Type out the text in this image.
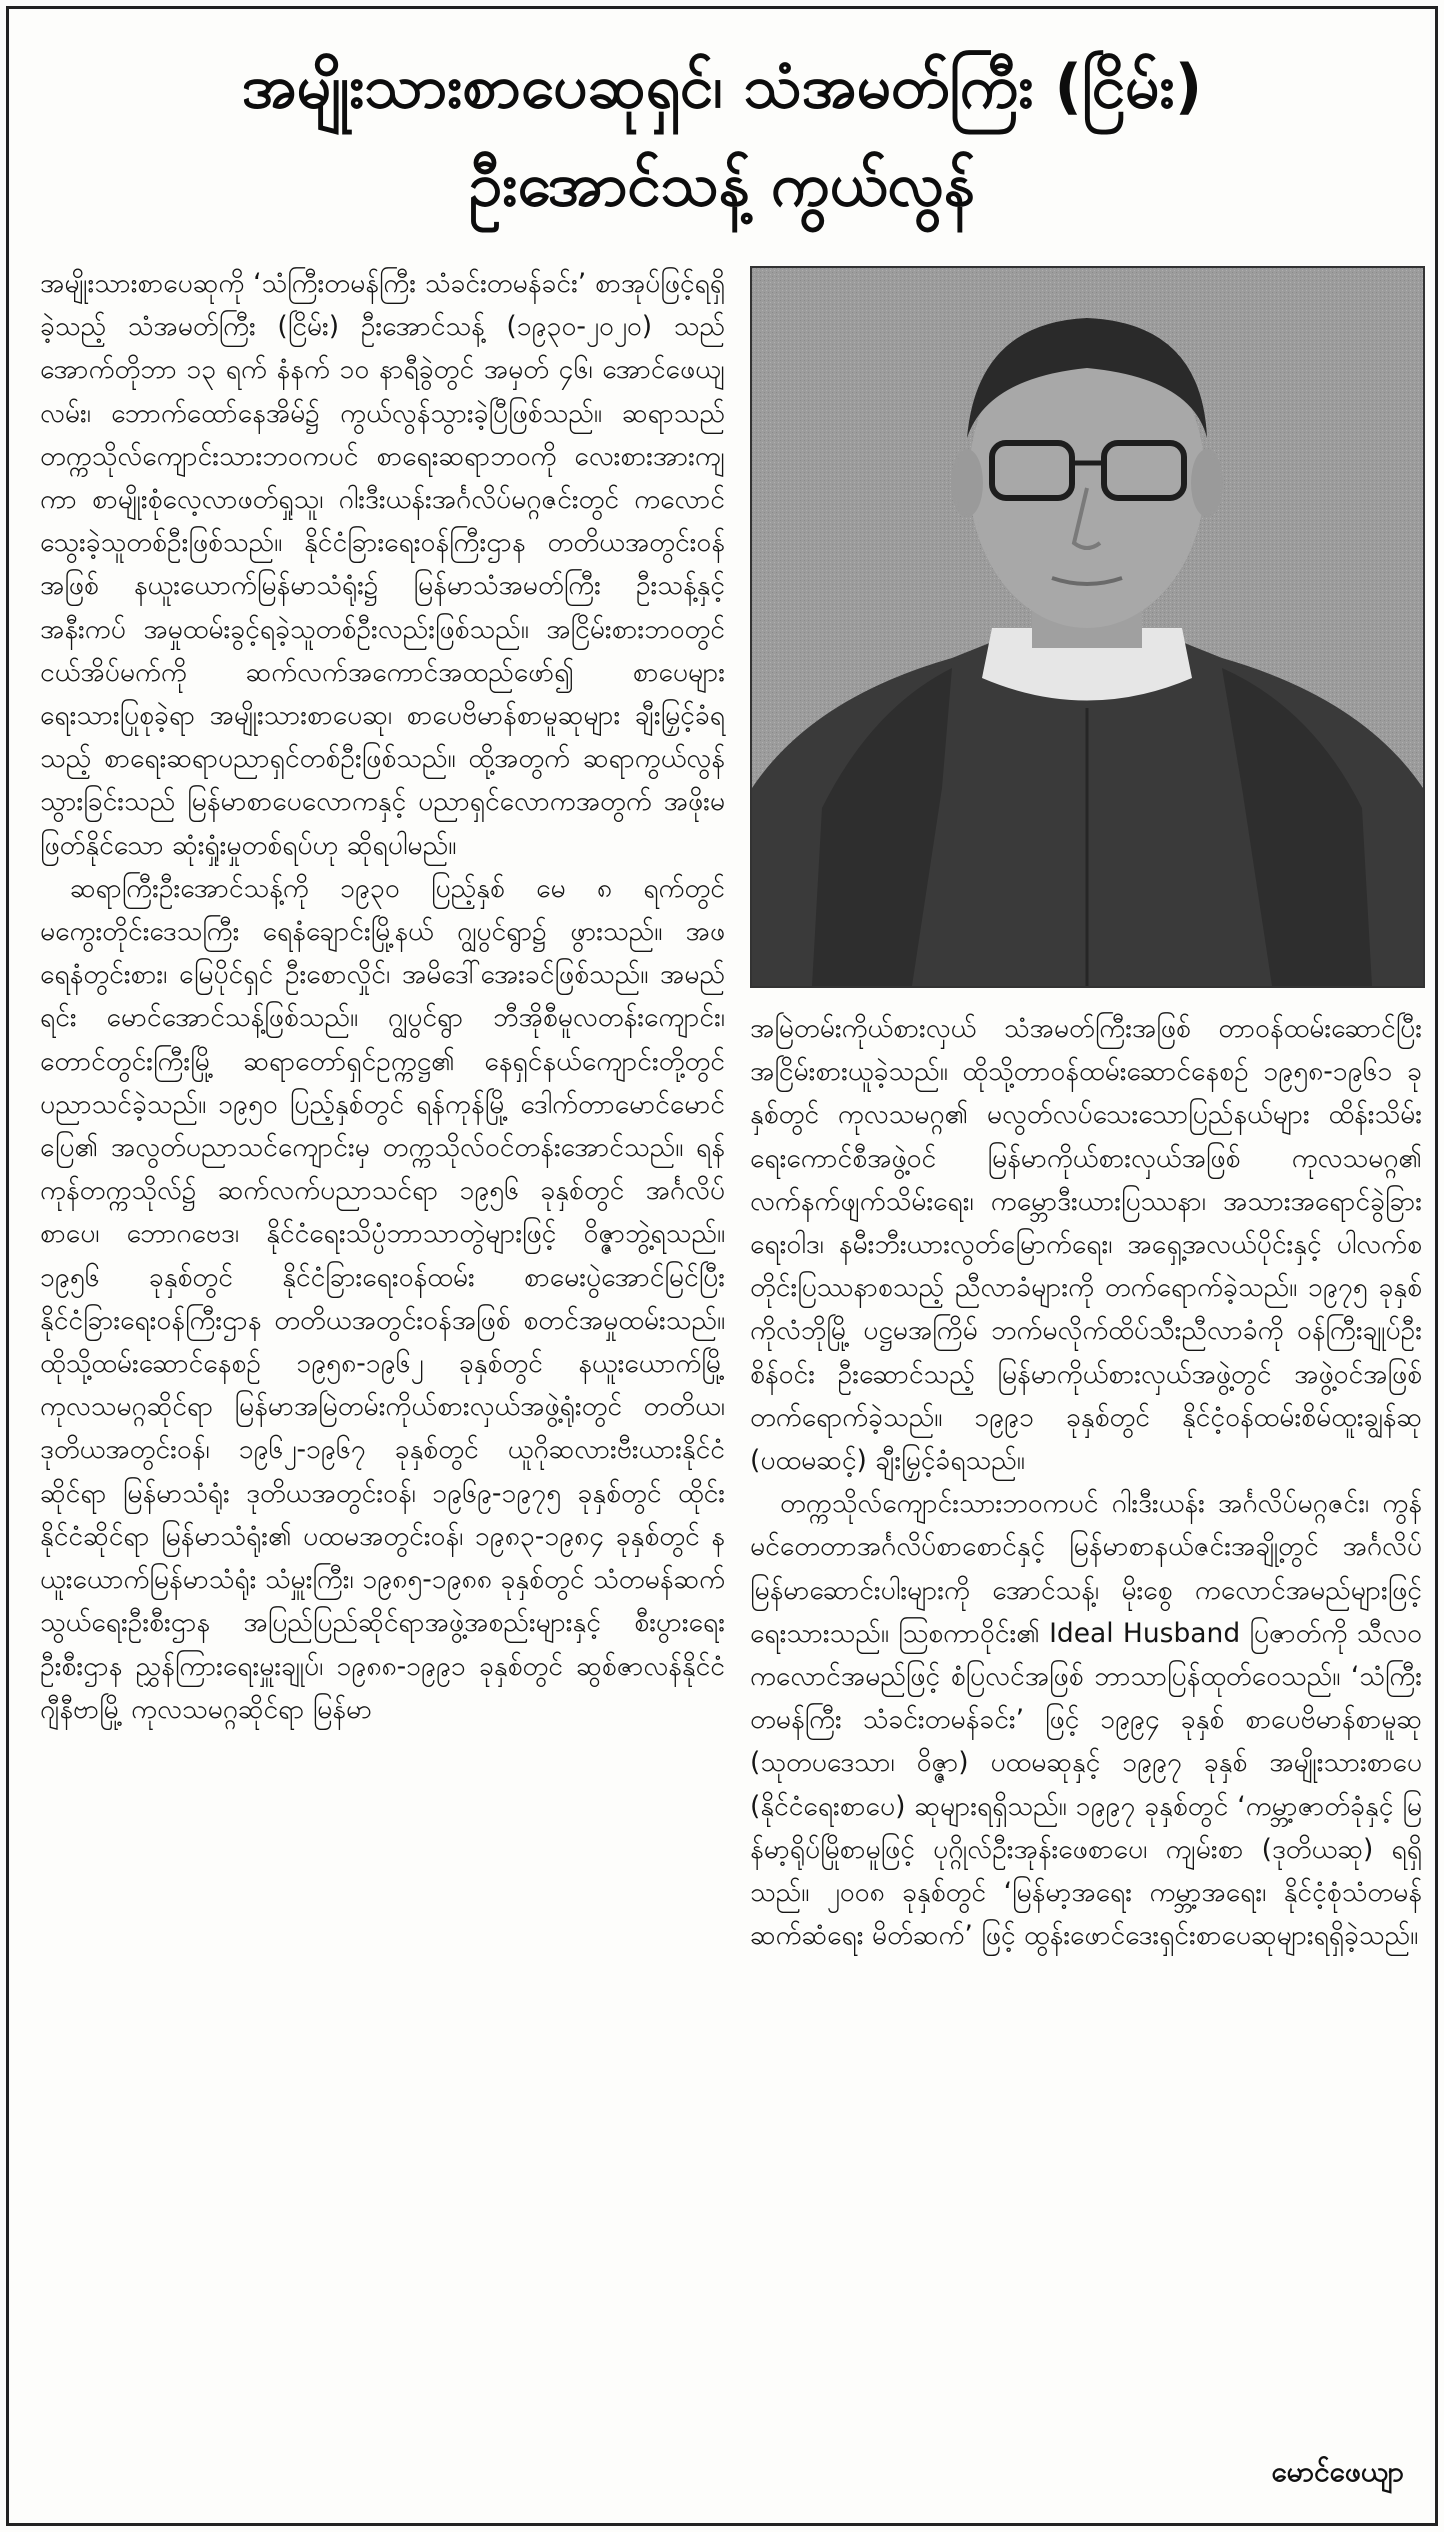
အမျိုးသားစာပေဆုရှင်၊ သံအမတ်ကြီး (ငြိမ်း)
ဦးအောင်သန့် ကွယ်လွန်

အမျိုးသားစာပေဆုကို ‘သံကြီးတမန်ကြီး သံခင်းတမန်ခင်း’ စာအုပ်ဖြင့်ရရှိခဲ့သည့် သံအမတ်ကြီး (ငြိမ်း) ဦးအောင်သန့် (၁၉၃၀-၂၀၂၀) သည် အောက်တိုဘာ ၁၃ ရက် နံနက် ၁၀ နာရီခွဲတွင် အမှတ် ၄၆၊ အောင်ဖေယျလမ်း၊ ဘောက်ထော်နေအိမ်၌ ကွယ်လွန်သွားခဲ့ပြီဖြစ်သည်။ ဆရာသည် တက္ကသိုလ်ကျောင်းသားဘဝကပင် စာရေးဆရာဘဝကို လေးစားအားကျကာ စာမျိုးစုံလေ့လာဖတ်ရှုသူ၊ ဂါးဒီးယန်းအင်္ဂလိပ်မဂ္ဂဇင်းတွင် ကလောင်သွေးခဲ့သူတစ်ဦးဖြစ်သည်။ နိုင်ငံခြားရေးဝန်ကြီးဌာန တတိယအတွင်းဝန်အဖြစ် နယူးယောက်မြန်မာသံရုံး၌ မြန်မာသံအမတ်ကြီး ဦးသန့်နှင့် အနီးကပ် အမှုထမ်းခွင့်ရခဲ့သူတစ်ဦးလည်းဖြစ်သည်။ အငြိမ်းစားဘဝတွင် ငယ်အိပ်မက်ကို ဆက်လက်အကောင်အထည်ဖော်၍ စာပေများရေးသားပြုစုခဲ့ရာ အမျိုးသားစာပေဆု၊ စာပေဗိမာန်စာမူဆုများ ချီးမြှင့်ခံရသည့် စာရေးဆရာပညာရှင်တစ်ဦးဖြစ်သည်။ ထို့အတွက် ဆရာကွယ်လွန်သွားခြင်းသည် မြန်မာစာပေလောကနှင့် ပညာရှင်လောကအတွက် အဖိုးမဖြတ်နိုင်သော ဆုံးရှုံးမှုတစ်ရပ်ဟု ဆိုရပါမည်။

ဆရာကြီးဦးအောင်သန့်ကို ၁၉၃၀ ပြည့်နှစ် မေ ၈ ရက်တွင် မကွေးတိုင်းဒေသကြီး ရေနံချောင်းမြို့နယ် ဂျွပွင်ရွာ၌ ဖွားသည်။ အဖရေနံတွင်းစား၊ မြေပိုင်ရှင် ဦးစောလှိုင်၊ အမိဒေါ်အေးခင်ဖြစ်သည်။ အမည်ရင်း မောင်အောင်သန့်ဖြစ်သည်။ ဂျွပွင်ရွာ ဘီအိုစီမူလတန်းကျောင်း၊ တောင်တွင်းကြီးမြို့ ဆရာတော်ရှင်ဥက္ကဋ္ဌ၏ နေရှင်နယ်ကျောင်းတို့တွင် ပညာသင်ခဲ့သည်။ ၁၉၅၀ ပြည့်နှစ်တွင် ရန်ကုန်မြို့ ဒေါက်တာမောင်မောင်ပြေ၏ အလွတ်ပညာသင်ကျောင်းမှ တက္ကသိုလ်ဝင်တန်းအောင်သည်။ ရန်ကုန်တက္ကသိုလ်၌ ဆက်လက်ပညာသင်ရာ ၁၉၅၆ ခုနှစ်တွင် အင်္ဂလိပ်စာပေ၊ ဘောဂဗေဒ၊ နိုင်ငံရေးသိပ္ပံဘာသာတွဲများဖြင့် ဝိဇ္ဇာဘွဲ့ရသည်။ ၁၉၅၆ ခုနှစ်တွင် နိုင်ငံခြားရေးဝန်ထမ်း စာမေးပွဲအောင်မြင်ပြီး နိုင်ငံခြားရေးဝန်ကြီးဌာန တတိယအတွင်းဝန်အဖြစ် စတင်အမှုထမ်းသည်။ ထိုသို့ထမ်းဆောင်နေစဉ် ၁၉၅၈-၁၉၆၂ ခုနှစ်တွင် နယူးယောက်မြို့ ကုလသမဂ္ဂဆိုင်ရာ မြန်မာအမြဲတမ်းကိုယ်စားလှယ်အဖွဲ့ရုံးတွင် တတိယ၊ ဒုတိယအတွင်းဝန်၊ ၁၉၆၂-၁၉၆၇ ခုနှစ်တွင် ယူဂိုဆလားဗီးယားနိုင်ငံဆိုင်ရာ မြန်မာသံရုံး ဒုတိယအတွင်းဝန်၊ ၁၉၆၉-၁၉၇၅ ခုနှစ်တွင် ထိုင်းနိုင်ငံဆိုင်ရာ မြန်မာသံရုံး၏ ပထမအတွင်းဝန်၊ ၁၉၈၃-၁၉၈၄ ခုနှစ်တွင် နယူးယောက်မြန်မာသံရုံး သံမှူးကြီး၊ ၁၉၈၅-၁၉၈၈ ခုနှစ်တွင် သံတမန်ဆက်သွယ်ရေးဦးစီးဌာန အပြည်ပြည်ဆိုင်ရာအဖွဲ့အစည်းများနှင့် စီးပွားရေးဦးစီးဌာန ညွှန်ကြားရေးမှူးချုပ်၊ ၁၉၈၈-၁၉၉၁ ခုနှစ်တွင် ဆွစ်ဇာလန်နိုင်ငံ ဂျီနီဗာမြို့ ကုလသမဂ္ဂဆိုင်ရာ မြန်မာ

အမြဲတမ်းကိုယ်စားလှယ် သံအမတ်ကြီးအဖြစ် တာဝန်ထမ်းဆောင်ပြီး အငြိမ်းစားယူခဲ့သည်။ ထိုသို့တာဝန်ထမ်းဆောင်နေစဉ် ၁၉၅၈-၁၉၆၁ ခုနှစ်တွင် ကုလသမဂ္ဂ၏ မလွတ်လပ်သေးသောပြည်နယ်များ ထိန်းသိမ်းရေးကောင်စီအဖွဲ့ဝင် မြန်မာကိုယ်စားလှယ်အဖြစ် ကုလသမဂ္ဂ၏ လက်နက်ဖျက်သိမ်းရေး၊ ကမ္ဘောဒီးယားပြဿနာ၊ အသားအရောင်ခွဲခြားရေးဝါဒ၊ နမီးဘီးယားလွတ်မြောက်ရေး၊ အရှေ့အလယ်ပိုင်းနှင့် ပါလက်စတိုင်းပြဿနာစသည့် ညီလာခံများကို တက်ရောက်ခဲ့သည်။ ၁၉၇၅ ခုနှစ် ကိုလံဘိုမြို့ ပဋ္ဌမအကြိမ် ဘက်မလိုက်ထိပ်သီးညီလာခံကို ဝန်ကြီးချုပ်ဦးစိန်ဝင်း ဦးဆောင်သည့် မြန်မာကိုယ်စားလှယ်အဖွဲ့တွင် အဖွဲ့ဝင်အဖြစ် တက်ရောက်ခဲ့သည်။ ၁၉၉၁ ခုနှစ်တွင် နိုင်ငံ့ဝန်ထမ်းစိမ်ထူးချွန်ဆု (ပထမဆင့်) ချီးမြှင့်ခံရသည်။

တက္ကသိုလ်ကျောင်းသားဘဝကပင် ဂါးဒီးယန်း အင်္ဂလိပ်မဂ္ဂဇင်း၊ ကွန်မင်တေတာအင်္ဂလိပ်စာစောင်နှင့် မြန်မာစာနယ်ဇင်းအချို့တွင် အင်္ဂလိပ်မြန်မာဆောင်းပါးများကို အောင်သန့်၊ မိုးစွေ ကလောင်အမည်များဖြင့် ရေးသားသည်။ ဩစကာဝိုင်း၏ Ideal Husband ပြဇာတ်ကို သီလဝ ကလောင်အမည်ဖြင့် စံပြလင်အဖြစ် ဘာသာပြန်ထုတ်ဝေသည်။ ‘သံကြီးတမန်ကြီး သံခင်းတမန်ခင်း’ ဖြင့် ၁၉၉၄ ခုနှစ် စာပေဗိမာန်စာမူဆု (သုတပဒေသာ၊ ဝိဇ္ဇာ) ပထမဆုနှင့် ၁၉၉၇ ခုနှစ် အမျိုးသားစာပေ (နိုင်ငံရေးစာပေ) ဆုများရရှိသည်။ ၁၉၉၇ ခုနှစ်တွင် ‘ကမ္ဘာ့ဇာတ်ခုံနှင့် မြန်မာ့ရိုပ်မြိုစာမူဖြင့် ပုဂ္ဂိုလ်ဦးအုန်းဖေစာပေ၊ ကျမ်းစာ (ဒုတိယဆု) ရရှိသည်။ ၂၀၀၈ ခုနှစ်တွင် ‘မြန်မာ့အရေး ကမ္ဘာ့အရေး၊ နိုင်ငံ့စုံသံတမန်ဆက်ဆံရေး မိတ်ဆက်’ ဖြင့် ထွန်းဖောင်ဒေးရှင်းစာပေဆုများရရှိခဲ့သည်။

မောင်ဖေယျာ
